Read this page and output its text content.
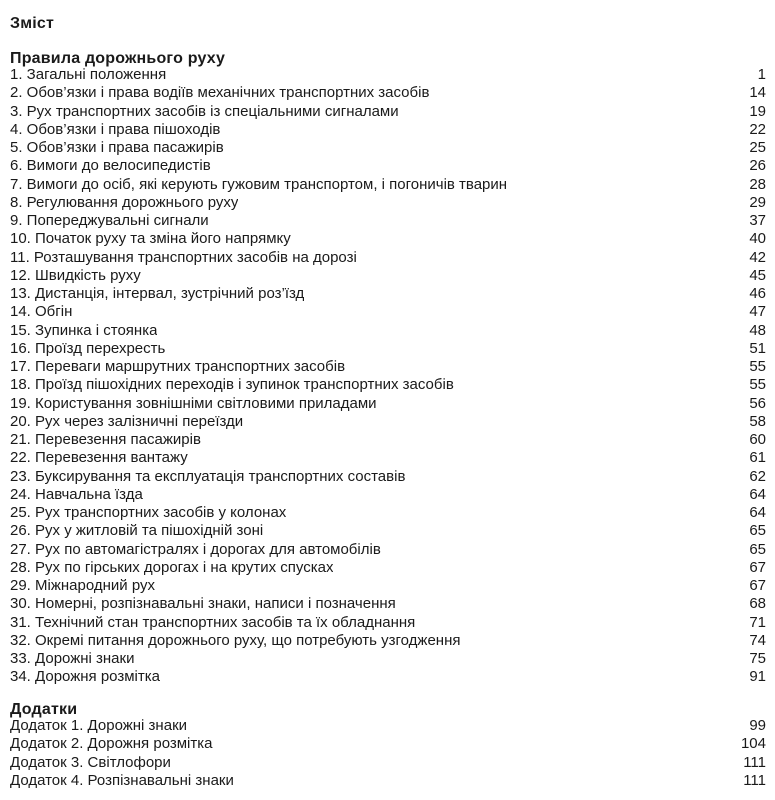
Зміст
Правила дорожнього руху
1. Загальні положення	1
2. Обов’язки і права водіїв механічних транспортних засобів	14
3. Рух транспортних засобів із спеціальними сигналами	19
4. Обов’язки і права пішоходів	22
5. Обов’язки і права пасажирів	25
6. Вимоги до велосипедистів	26
7. Вимоги до осіб, які керують гужовим транспортом, і погоничів тварин	28
8. Регулювання дорожнього руху	29
9. Попереджувальні сигнали	37
10. Початок руху та зміна його напрямку	40
11. Розташування транспортних засобів на дорозі	42
12. Швидкість руху	45
13. Дистанція, інтервал, зустрічний роз’їзд	46
14. Обгін	47
15. Зупинка і стоянка	48
16. Проїзд перехресть	51
17. Переваги маршрутних транспортних засобів	55
18. Проїзд пішохідних переходів і зупинок транспортних засобів	55
19. Користування зовнішніми світловими приладами	56
20. Рух через залізничні переїзди	58
21. Перевезення пасажирів	60
22. Перевезення вантажу	61
23. Буксирування та експлуатація транспортних составів	62
24. Навчальна їзда	64
25. Рух транспортних засобів у колонах	64
26. Рух у житловій та пішохідній зоні	65
27. Рух по автомагістралях і дорогах для автомобілів	65
28. Рух по гірських дорогах і на крутих спусках	67
29. Міжнародний рух	67
30. Номерні, розпізнавальні знаки, написи і позначення	68
31. Технічний стан транспортних засобів та їх обладнання	71
32. Окремі питання дорожнього руху, що потребують узгодження	74
33. Дорожні знаки	75
34. Дорожня розмітка	91
Додатки
Додаток 1. Дорожні знаки	99
Додаток 2. Дорожня розмітка	104
Додаток 3. Світлофори	111
Додаток 4. Розпізнавальні знаки	111
